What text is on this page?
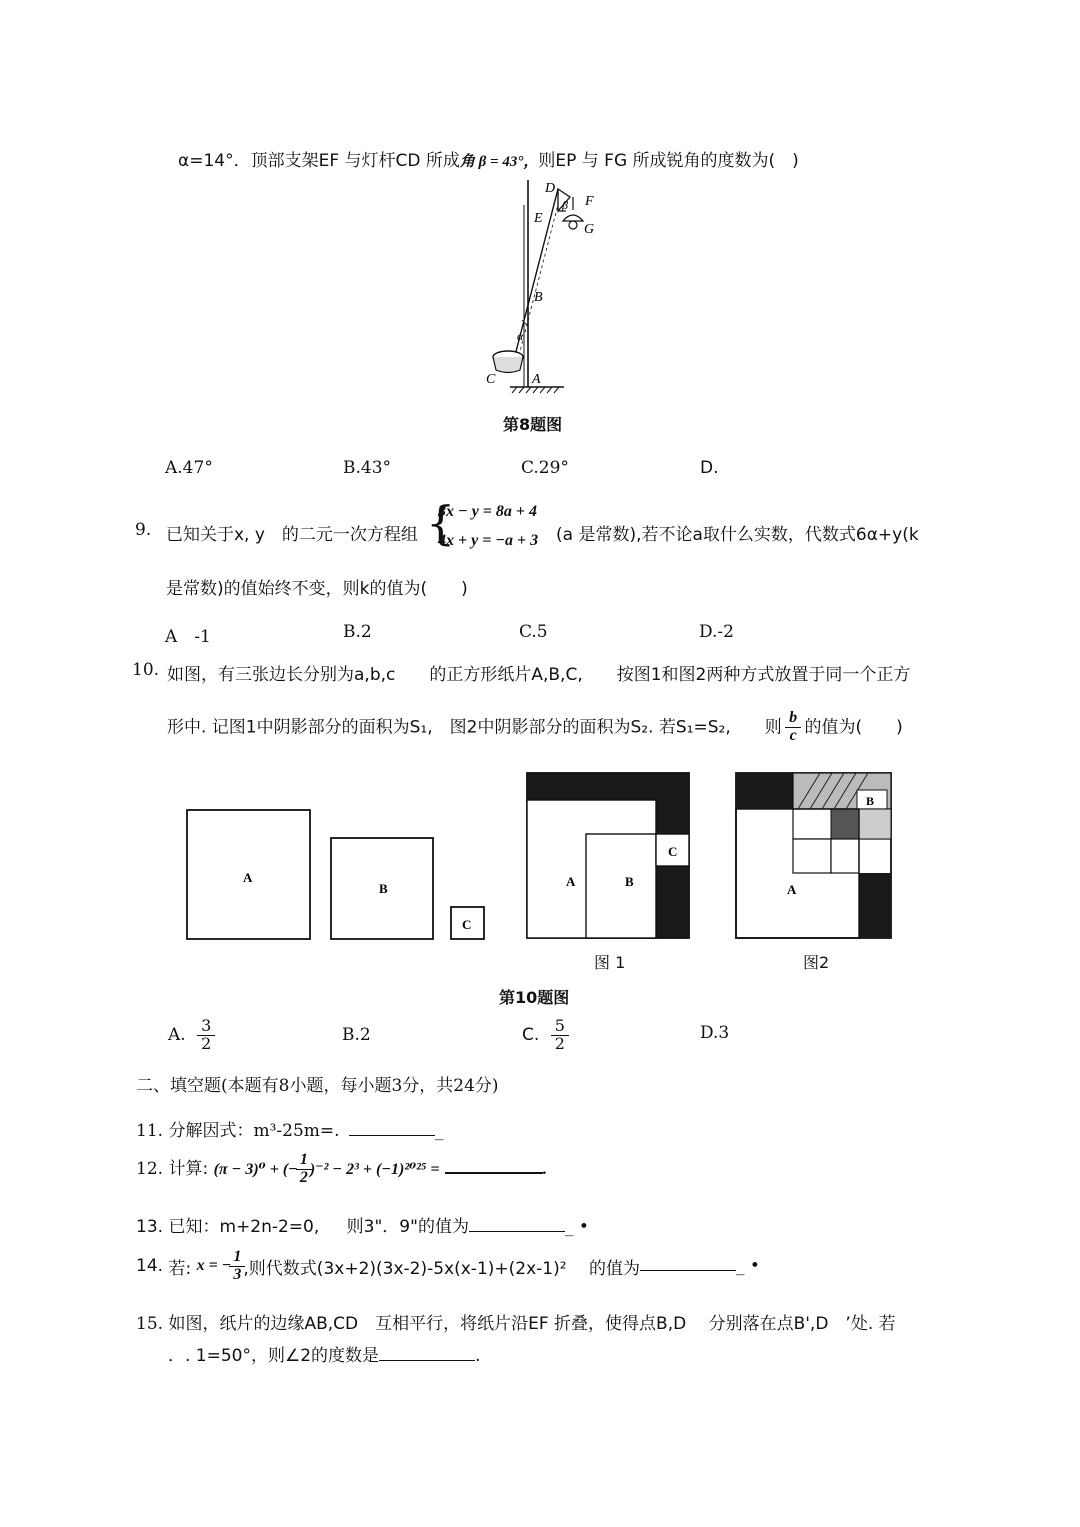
α=14°．顶部支架EF 与灯杆CD 所成角 β = 43°，则EP 与 FG 所成锐角的度数为(　)
D
F
E
G
β
B
α
C	A
第8题图
A.47°	B.43°	C.29°	D.
9. 已知关于x, y　的二元一次方程组 {
3x − y = 8a + 4
4x + y = −a + 3 (a 是常数),若不论a取什么实数，代数式6α+y(k
是常数)的值始终不变，则k的值为(　　)
A　-1	B.2	C.5	D.-2
10. 如图，有三张边长分别为a,b,c　　的正方形纸片A,B,C,　　按图1和图2两种方式放置于同一个正方
形中. 记图1中阴影部分的面积为S₁,　图2中阴影部分的面积为S₂. 若S₁=S₂,　　则 $\frac{b}{c}$ 的值为(　　)
A
B
C
A	B
C
B
A
图 1	图2
第10题图
A. $\frac{3}{2}$	B.2	C. $\frac{5}{2}$	D.3
二、填空题(本题有8小题，每小题3分，共24分)
11. 分解因式：m³-25m=.	_
12. 计算: (π − 3)⁰ + (− $\frac{1}{2} )^{-2} - 2^3 + (-1)^{2025}$ =	.
13. 已知：m+2n-2=0, 则3"．9"的值为	_ •
14. 若: x = − $\frac{1}{3}$ ,则代数式(3x+2)(3x-2)-5x(x-1)+(2x-1)²　 的值为	_ •
15. 如图，纸片的边缘AB,CD　互相平行，将纸片沿EF 折叠，使得点B,D　 分别落在点B',D　’处. 若
．. 1=50°，则∠2的度数是	.
